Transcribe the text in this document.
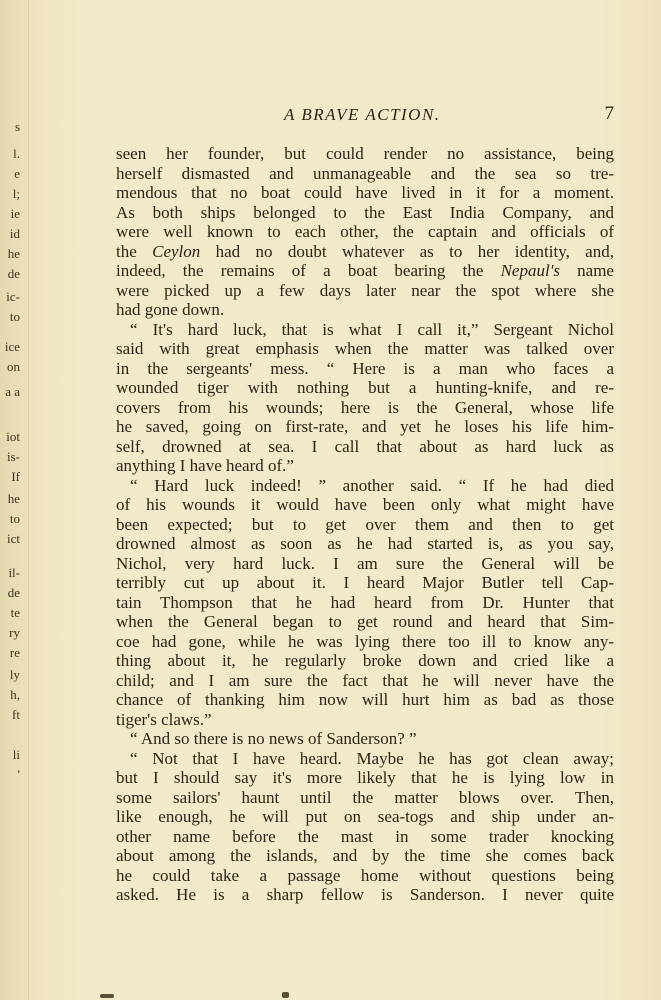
s
l.
e
l;
ie
id
he
de
ic-
to
ice
on
a a
iot
is-
If
he
to
ict
il-
de
te
ry
re
ly
h,
ft
li
'
A BRAVE ACTION.	7
seen her founder, but could render no assistance, being
herself dismasted and unmanageable and the sea so tre-
mendous that no boat could have lived in it for a moment.
As both ships belonged to the East India Company, and
were well known to each other, the captain and officials of
the Ceylon had no doubt whatever as to her identity, and,
indeed, the remains of a boat bearing the Nepaul's name
were picked up a few days later near the spot where she
had gone down.
“ It's hard luck, that is what I call it,” Sergeant Nichol
said with great emphasis when the matter was talked over
in the sergeants' mess. “ Here is a man who faces a
wounded tiger with nothing but a hunting-knife, and re-
covers from his wounds; here is the General, whose life
he saved, going on first-rate, and yet he loses his life him-
self, drowned at sea. I call that about as hard luck as
anything I have heard of.”
“ Hard luck indeed! ” another said. “ If he had died
of his wounds it would have been only what might have
been expected; but to get over them and then to get
drowned almost as soon as he had started is, as you say,
Nichol, very hard luck. I am sure the General will be
terribly cut up about it. I heard Major Butler tell Cap-
tain Thompson that he had heard from Dr. Hunter that
when the General began to get round and heard that Sim-
coe had gone, while he was lying there too ill to know any-
thing about it, he regularly broke down and cried like a
child; and I am sure the fact that he will never have the
chance of thanking him now will hurt him as bad as those
tiger's claws.”
“ And so there is no news of Sanderson? ”
“ Not that I have heard. Maybe he has got clean away;
but I should say it's more likely that he is lying low in
some sailors' haunt until the matter blows over. Then,
like enough, he will put on sea-togs and ship under an-
other name before the mast in some trader knocking
about among the islands, and by the time she comes back
he could take a passage home without questions being
asked. He is a sharp fellow is Sanderson. I never quite
